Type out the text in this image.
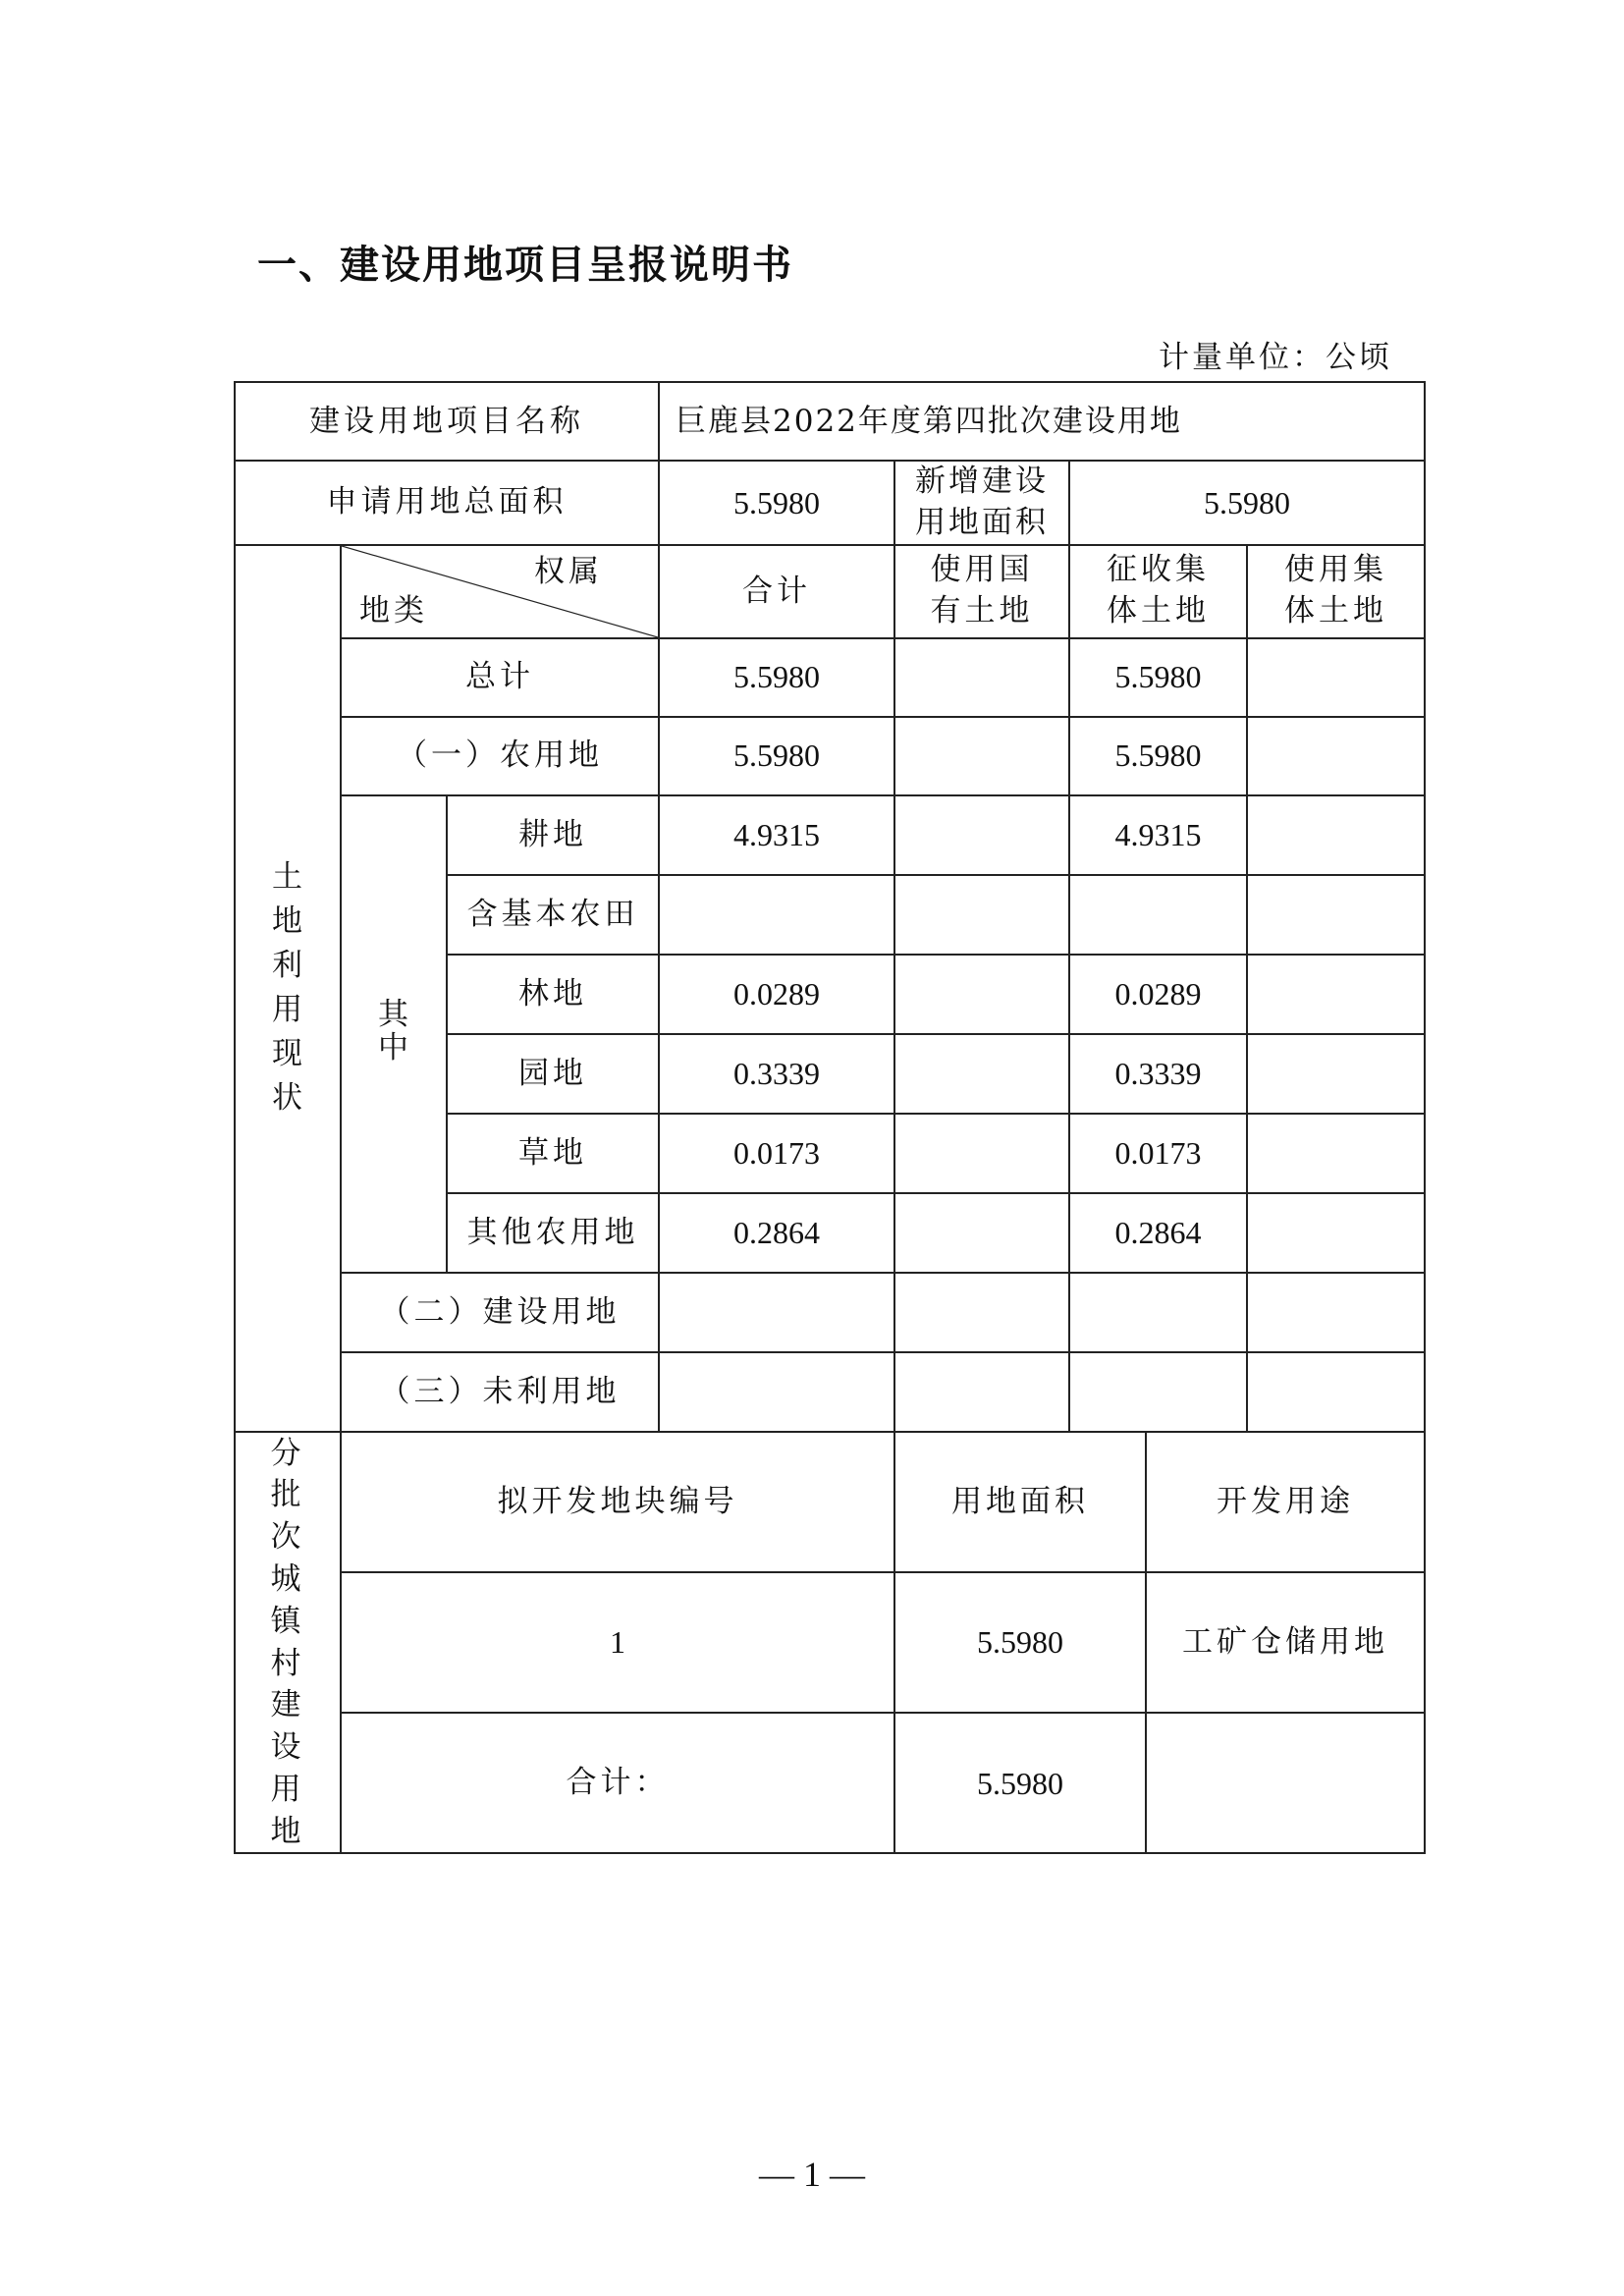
一、建设用地项目呈报说明书
计量单位：公顷
建设用地项目名称			巨鹿县2022年度第四批次建设用地				
申请用地总面积			5.5980	新增建设用地面积	5.5980		
土地利用现状	权属
地类		合计	使用国有土地	征收集体土地		使用集体土地
	总计		5.5980		5.5980		
	（一）农用地		5.5980		5.5980		
	其中	耕地	4.9315		4.9315		
		含基本农田					
		林地	0.0289		0.0289		
		园地	0.3339		0.3339		
		草地	0.0173		0.0173		
		其他农用地	0.2864		0.2864		
	（二）建设用地						
	（三）未利用地						
分批次城镇村建设用地	拟开发地块编号			用地面积		开发用途	
	1			5.5980		工矿仓储用地	
	合计：			5.5980			
— 1 —
